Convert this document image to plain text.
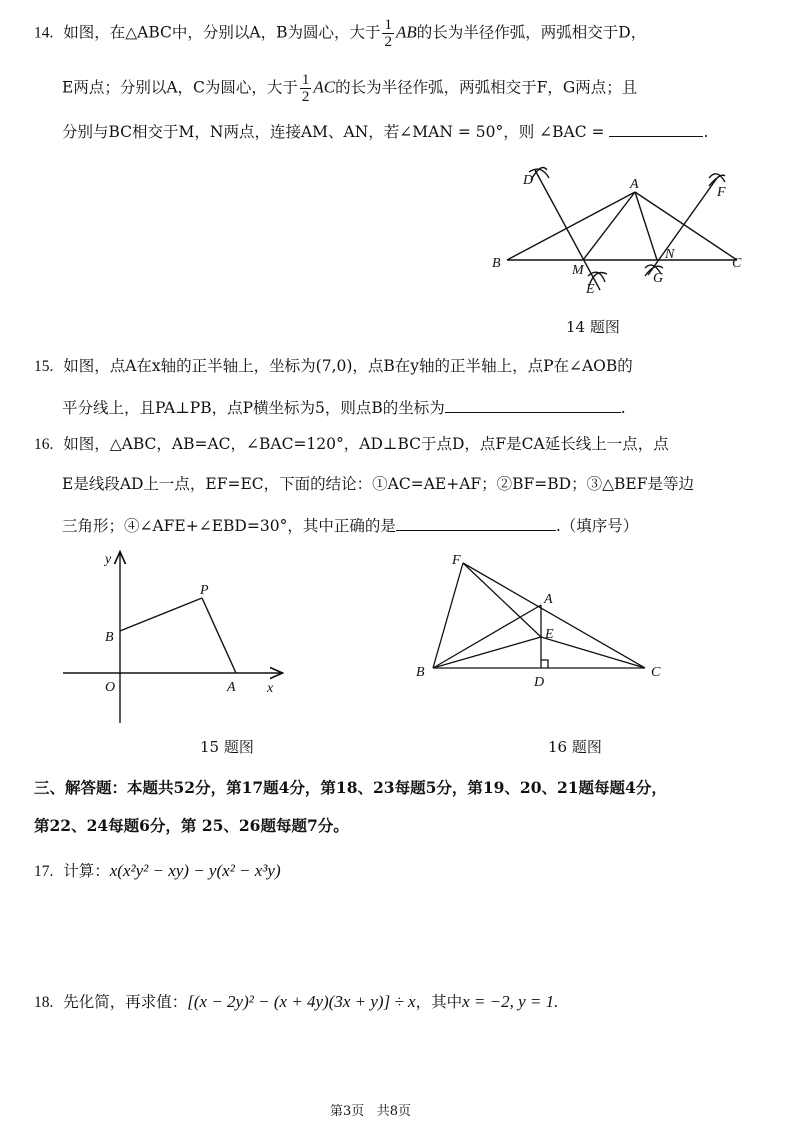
14. 如图，在△ABC中，分别以A，B为圆心，大于 $\frac{1}{2}$ AB的长为半径作弧，两弧相交于D，
E两点；分别以A，C为圆心，大于 $\frac{1}{2}$ AC的长为半径作弧，两弧相交于F，G两点；且
分别与BC相交于M，N两点，连接AM、AN，若∠MAN = 50°，则 ∠BAC =	.
D	A
F
B	M
N
C
E
G
14 题图
15. 如图，点A在x轴的正半轴上，坐标为(7,0)，点B在y轴的正半轴上，点P在∠AOB的
平分线上，且PA⊥PB，点P横坐标为5，则点B的坐标为	.
16. 如图，△ABC，AB=AC，∠BAC=120°，AD⊥BC于点D，点F是CA延长线上一点，点
E是线段AD上一点，EF=EC，下面的结论：①AC=AE+AF；②BF=BD；③△BEF是等边
三角形；④∠AFE+∠EBD=30°，其中正确的是	.（填序号）
y
P
B
O	A x
15 题图
F
A
E
B
D
C
16 题图
三、解答题：本题共52分，第17题4分，第18、23每题5分，第19、20、21题每题4分，
第22、24每题6分，第 25、26题每题7分。
17. 计算：x(x²y² − xy) − y(x² − x³y)
18. 先化简，再求值：[(x − 2y)² − (x + 4y)(3x + y)] ÷ x，其中x = −2, y = 1.
第3页 共8页
